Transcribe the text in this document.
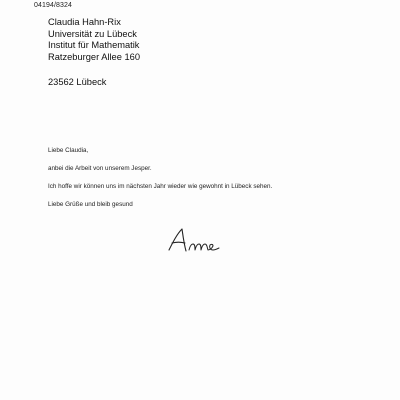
04194/8324
Claudia Hahn-Rix
Universität zu Lübeck
Institut für Mathematik
Ratzeburger Allee 160
23562 Lübeck
Liebe Claudia,
anbei die Arbeit von unserem Jesper.
Ich hoffe wir können uns im nächsten Jahr wieder wie gewohnt in Lübeck sehen.
Liebe Grüße und bleib gesund
